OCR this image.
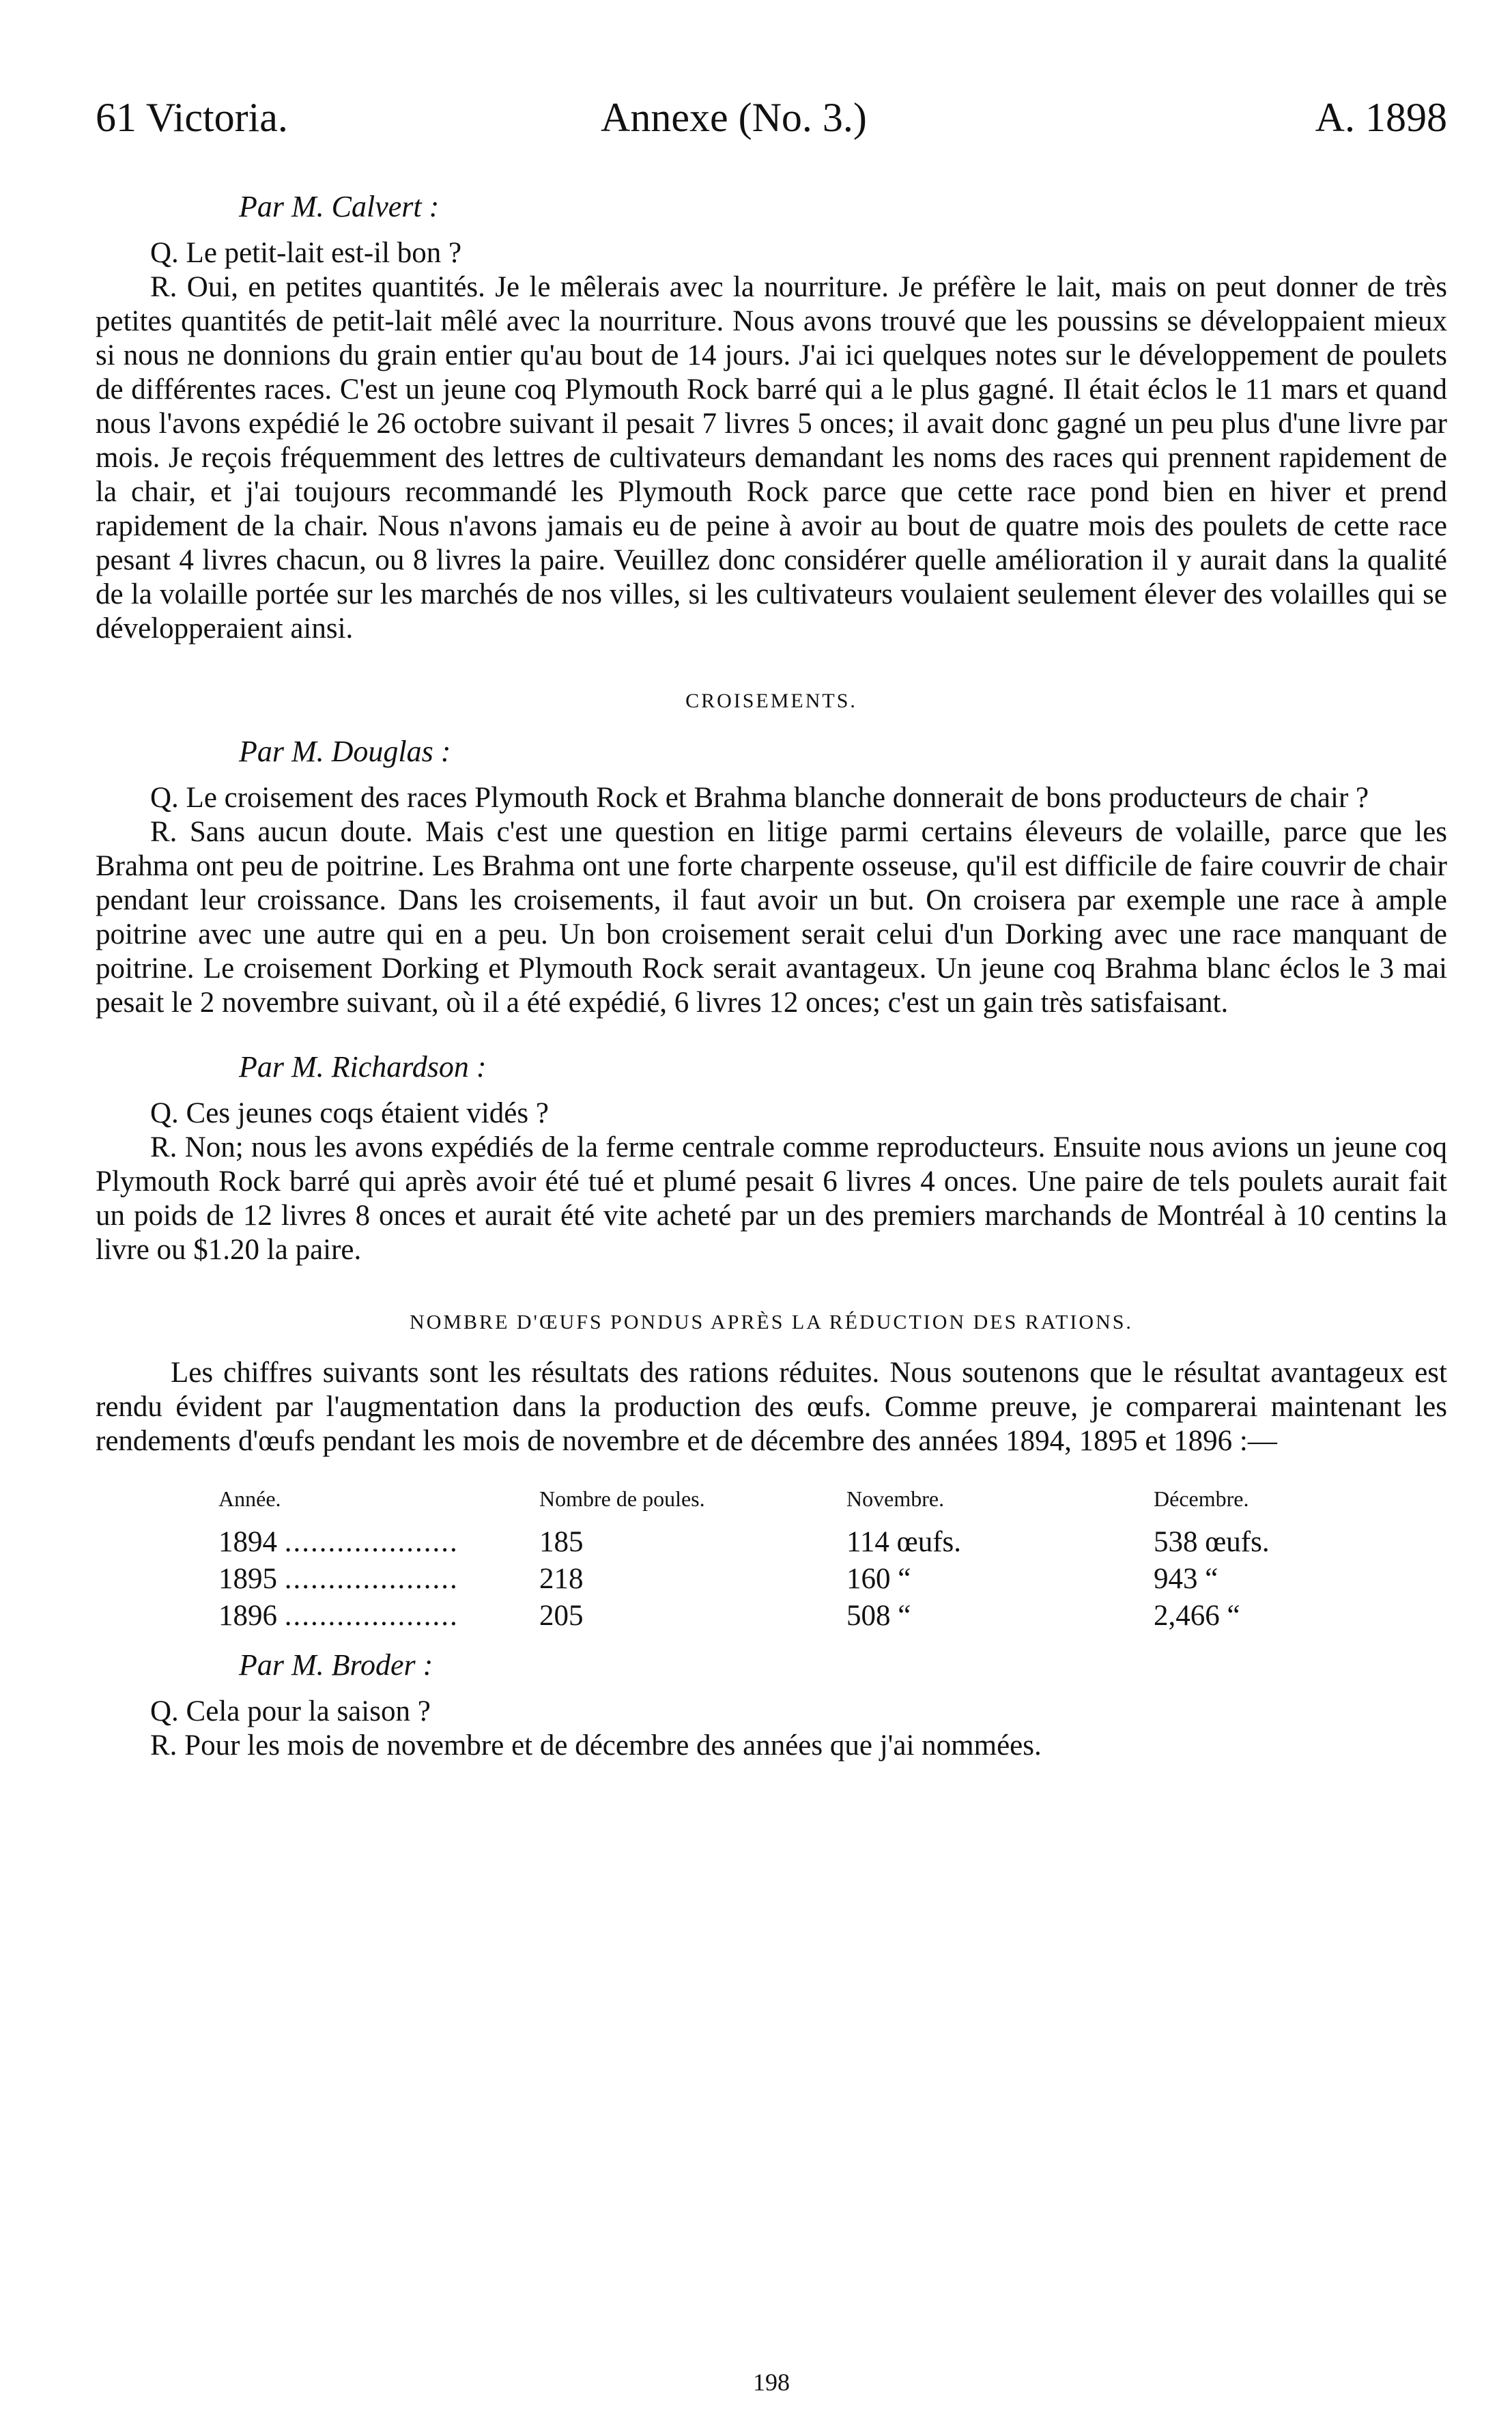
61 Victoria.	Annexe (No. 3.)	A. 1898

Par M. Calvert :

Q. Le petit-lait est-il bon ?

R. Oui, en petites quantités. Je le mêlerais avec la nourriture. Je préfère le lait, mais on peut donner de très petites quantités de petit-lait mêlé avec la nourriture. Nous avons trouvé que les poussins se développaient mieux si nous ne donnions du grain entier qu'au bout de 14 jours. J'ai ici quelques notes sur le développement de poulets de différentes races. C'est un jeune coq Plymouth Rock barré qui a le plus gagné. Il était éclos le 11 mars et quand nous l'avons expédié le 26 octobre suivant il pesait 7 livres 5 onces; il avait donc gagné un peu plus d'une livre par mois. Je reçois fréquemment des lettres de cultivateurs demandant les noms des races qui prennent rapidement de la chair, et j'ai toujours recommandé les Plymouth Rock parce que cette race pond bien en hiver et prend rapidement de la chair. Nous n'avons jamais eu de peine à avoir au bout de quatre mois des poulets de cette race pesant 4 livres chacun, ou 8 livres la paire. Veuillez donc considérer quelle amélioration il y aurait dans la qualité de la volaille portée sur les marchés de nos villes, si les cultivateurs voulaient seulement élever des volailles qui se développeraient ainsi.

CROISEMENTS.

Par M. Douglas :

Q. Le croisement des races Plymouth Rock et Brahma blanche donnerait de bons producteurs de chair ?

R. Sans aucun doute. Mais c'est une question en litige parmi certains éleveurs de volaille, parce que les Brahma ont peu de poitrine. Les Brahma ont une forte charpente osseuse, qu'il est difficile de faire couvrir de chair pendant leur croissance. Dans les croisements, il faut avoir un but. On croisera par exemple une race à ample poitrine avec une autre qui en a peu. Un bon croisement serait celui d'un Dorking avec une race manquant de poitrine. Le croisement Dorking et Plymouth Rock serait avantageux. Un jeune coq Brahma blanc éclos le 3 mai pesait le 2 novembre suivant, où il a été expédié, 6 livres 12 onces; c'est un gain très satisfaisant.

Par M. Richardson :

Q. Ces jeunes coqs étaient vidés ?

R. Non; nous les avons expédiés de la ferme centrale comme reproducteurs. Ensuite nous avions un jeune coq Plymouth Rock barré qui après avoir été tué et plumé pesait 6 livres 4 onces. Une paire de tels poulets aurait fait un poids de 12 livres 8 onces et aurait été vite acheté par un des premiers marchands de Montréal à 10 centins la livre ou $1.20 la paire.

NOMBRE D'ŒUFS PONDUS APRÈS LA RÉDUCTION DES RATIONS.

Les chiffres suivants sont les résultats des rations réduites. Nous soutenons que le résultat avantageux est rendu évident par l'augmentation dans la production des œufs. Comme preuve, je comparerai maintenant les rendements d'œufs pendant les mois de novembre et de décembre des années 1894, 1895 et 1896 :—

Année.	Nombre de poules.	Novembre.	Décembre.
1894 ....................	185	114 œufs.	538 œufs.
1895 ....................	218	160 “	943 “
1896 ....................	205	508 “	2,466 “

Par M. Broder :

Q. Cela pour la saison ?

R. Pour les mois de novembre et de décembre des années que j'ai nommées.

198
